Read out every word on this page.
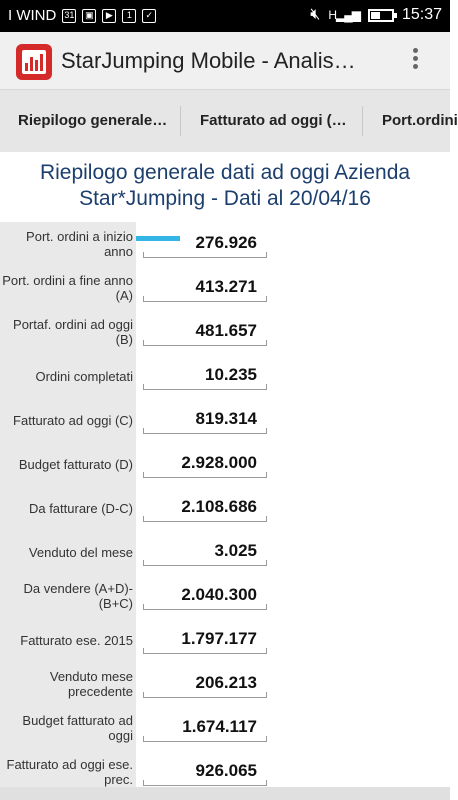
I WIND 31	▣	▶	1	✓	🔇︎ H▂▄▆	15:37
StarJumping Mobile - Analis…
Riepilogo generale… Fatturato ad oggi (… Port.ordini
Riepilogo generale dati ad oggi Azienda
Star*Jumping - Dati al 20/04/16
Port. ordini a inizio anno	276.926
Port. ordini a fine anno (A)	413.271
Portaf. ordini ad oggi (B)	481.657
Ordini completati	10.235
Fatturato ad oggi (C)	819.314
Budget fatturato (D)	2.928.000
Da fatturare (D-C)	2.108.686
Venduto del mese	3.025
Da vendere (A+D)-(B+C)	2.040.300
Fatturato ese. 2015	1.797.177
Venduto mese precedente	206.213
Budget fatturato ad oggi	1.674.117
Fatturato ad oggi ese. prec.	926.065
